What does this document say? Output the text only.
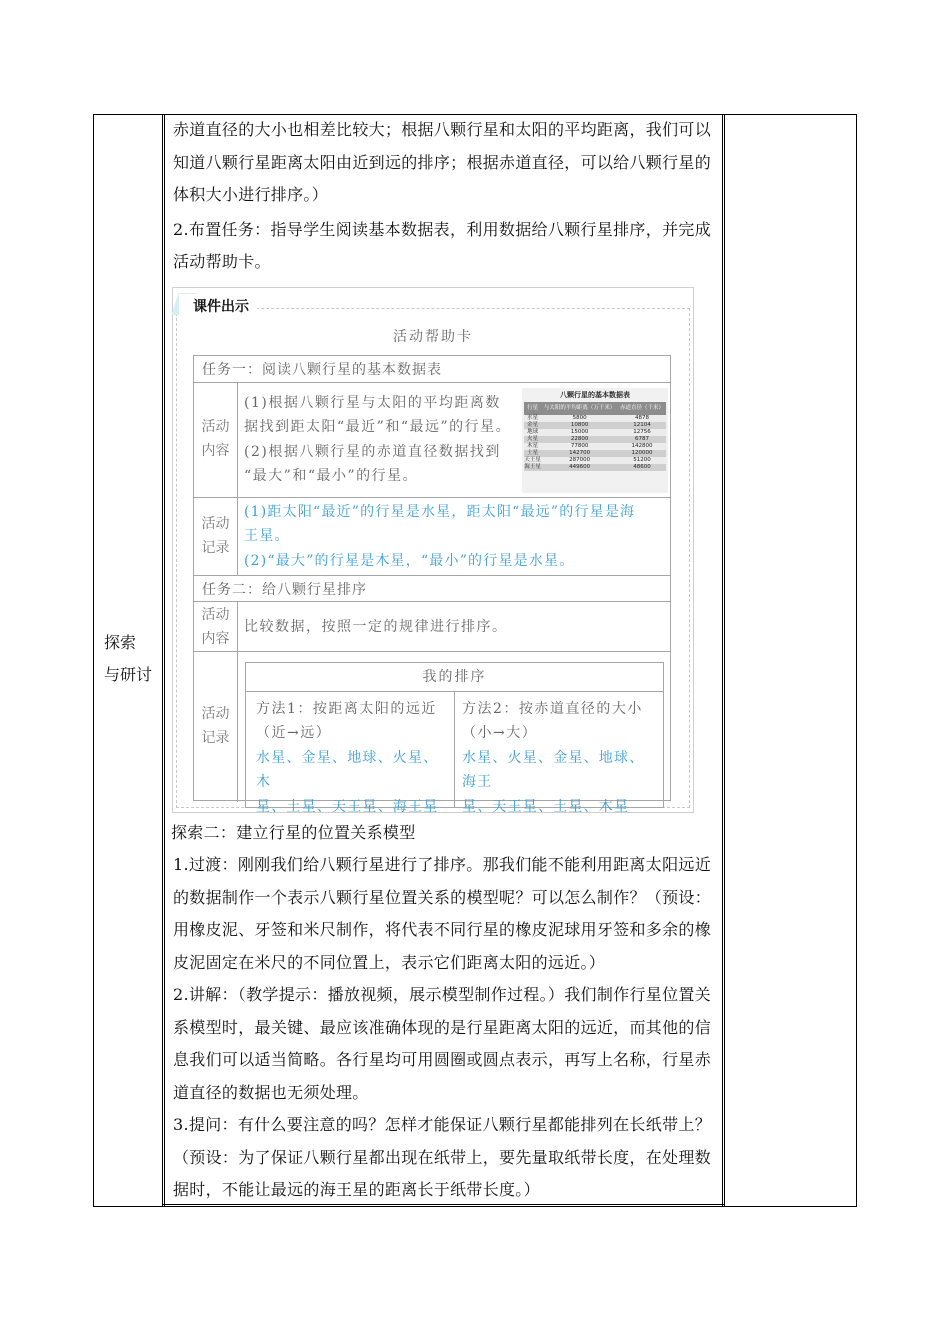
探索
与研讨

赤道直径的大小也相差比较大；根据八颗行星和太阳的平均距离，我们可以知道八颗行星距离太阳由近到远的排序；根据赤道直径，可以给八颗行星的体积大小进行排序。）

2.布置任务：指导学生阅读基本数据表，利用数据给八颗行星排序，并完成活动帮助卡。

课件出示
活动帮助卡
任务一：阅读八颗行星的基本数据表
活动
内容
(1)根据八颗行星与太阳的平均距离数
据找到距太阳“最近”和“最远”的行星。
(2)根据八颗行星的赤道直径数据找到
“最大”和“最小”的行星。
八颗行星的基本数据表
行星	与太阳的平均距离（万千米）	赤道直径（千米）
水星	5800	4878
金星	10800	12104
地球	15000	12756
火星	22800	6787
木星	77800	142800
土星	142700	120000
天王星	287000	51200
海王星	449600	48600
活动
记录
(1)距太阳“最近”的行星是水星，距太阳“最远”的行星是海
王星。
(2)“最大”的行星是木星，“最小”的行星是水星。
任务二：给八颗行星排序
活动
内容
比较数据，按照一定的规律进行排序。
活动
记录
我的排序
方法1：按距离太阳的远近
（近→远）
水星、金星、地球、火星、木
星、土星、天王星、海王星
方法2：按赤道直径的大小
（小→大）
水星、火星、金星、地球、海王
星、天王星、土星、木星

探索二：建立行星的位置关系模型

1.过渡：刚刚我们给八颗行星进行了排序。那我们能不能利用距离太阳远近的数据制作一个表示八颗行星位置关系的模型呢？可以怎么制作？（预设：用橡皮泥、牙签和米尺制作，将代表不同行星的橡皮泥球用牙签和多余的橡皮泥固定在米尺的不同位置上，表示它们距离太阳的远近。）

2.讲解：（教学提示：播放视频，展示模型制作过程。）我们制作行星位置关系模型时，最关键、最应该准确体现的是行星距离太阳的远近，而其他的信息我们可以适当简略。各行星均可用圆圈或圆点表示，再写上名称，行星赤道直径的数据也无须处理。

3.提问：有什么要注意的吗？怎样才能保证八颗行星都能排列在长纸带上？（预设：为了保证八颗行星都出现在纸带上，要先量取纸带长度，在处理数据时，不能让最远的海王星的距离长于纸带长度。）
